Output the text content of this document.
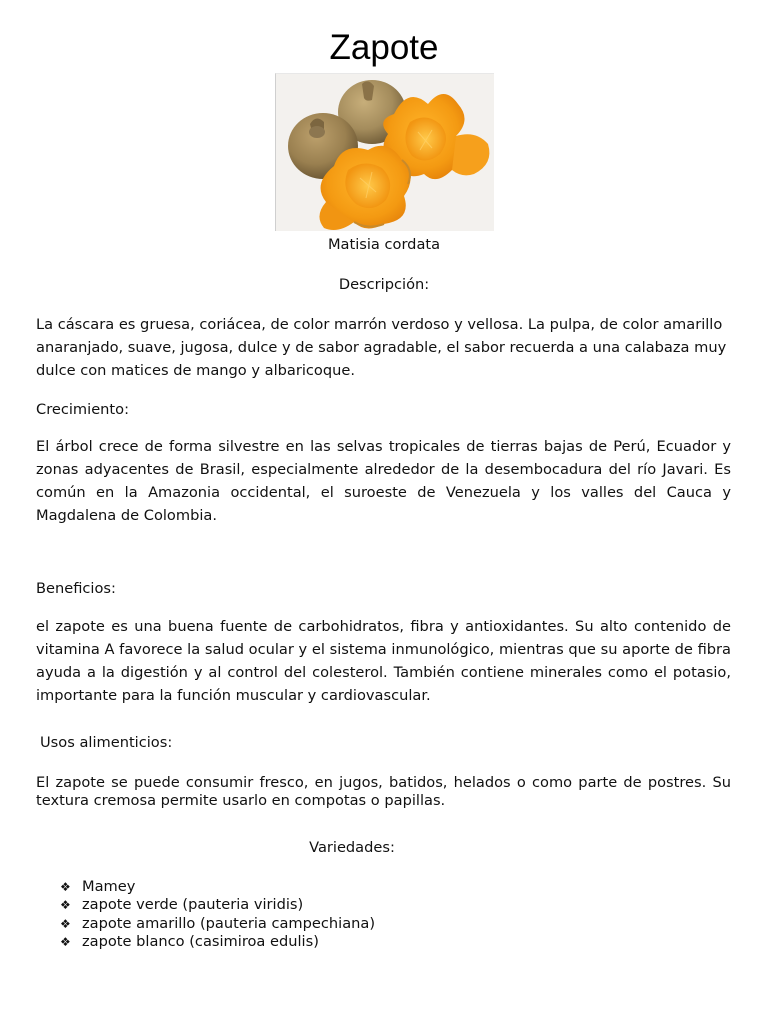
Zapote
Matisia cordata
Descripción:

La cáscara es gruesa, coriácea, de color marrón verdoso y vellosa. La pulpa, de color amarillo anaranjado, suave, jugosa, dulce y de sabor agradable, el sabor recuerda a una calabaza muy dulce con matices de mango y albaricoque.

Crecimiento:

El árbol crece de forma silvestre en las selvas tropicales de tierras bajas de Perú, Ecuador y zonas adyacentes de Brasil, especialmente alrededor de la desembocadura del río Javari. Es común en la Amazonia occidental, el suroeste de Venezuela y los valles del Cauca y Magdalena de Colombia.

Beneficios:

el zapote es una buena fuente de carbohidratos, fibra y antioxidantes. Su alto contenido de vitamina A favorece la salud ocular y el sistema inmunológico, mientras que su aporte de fibra ayuda a la digestión y al control del colesterol. También contiene minerales como el potasio, importante para la función muscular y cardiovascular.

Usos alimenticios:

El zapote se puede consumir fresco, en jugos, batidos, helados o como parte de postres. Su textura cremosa permite usarlo en compotas o papillas.

Variedades:
❖ Mamey
❖ zapote verde (pauteria viridis)
❖ zapote amarillo (pauteria campechiana)
❖ zapote blanco (casimiroa edulis)
